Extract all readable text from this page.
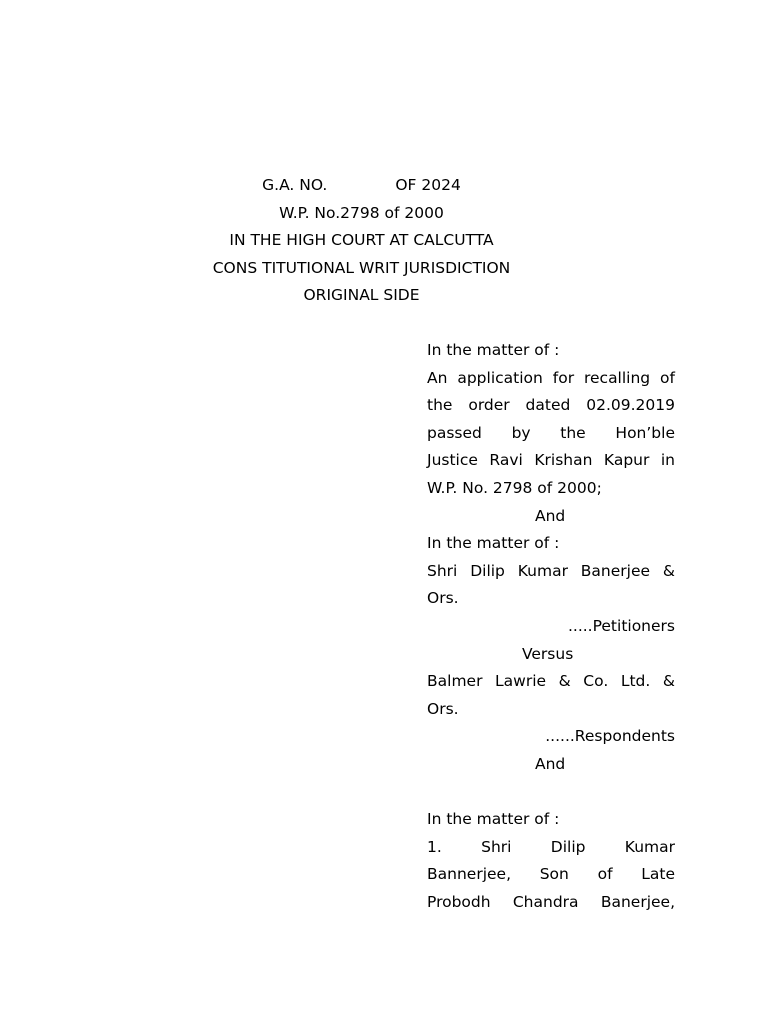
G.A. NO.	OF 2024
W.P. No.2798 of 2000
IN THE HIGH COURT AT CALCUTTA
CONS TITUTIONAL WRIT JURISDICTION
ORIGINAL SIDE
In the matter of :
An application for recalling of
the order dated 02.09.2019
passed by the Hon’ble
Justice Ravi Krishan Kapur in
W.P. No. 2798 of 2000;
And
In the matter of :
Shri Dilip Kumar Banerjee &
Ors.
.....Petitioners
Versus
Balmer Lawrie & Co. Ltd. &
Ors.
......Respondents
And
In the matter of :
1. Shri Dilip Kumar
Bannerjee, Son of Late
Probodh Chandra Banerjee,
